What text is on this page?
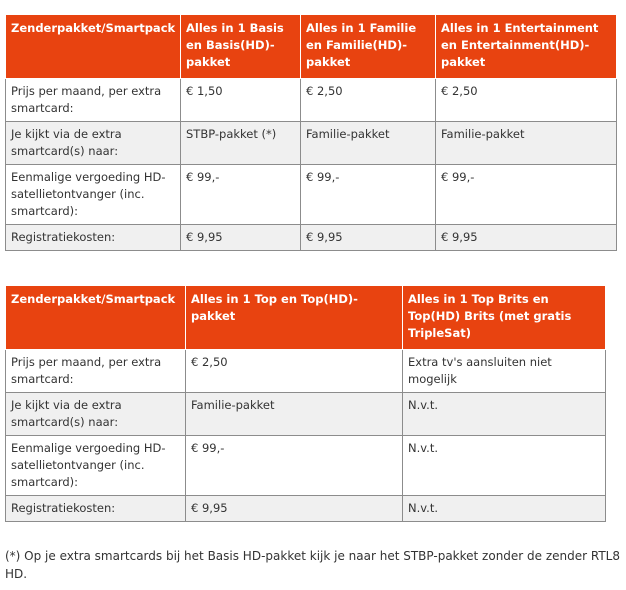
Zenderpakket/Smartpack	Alles in 1 Basis en Basis(HD)-pakket	Alles in 1 Familie en Familie(HD)-pakket	Alles in 1 Entertainment en Entertainment(HD)-pakket
Prijs per maand, per extra smartcard:	€ 1,50	€ 2,50	€ 2,50
Je kijkt via de extra smartcard(s) naar:	STBP-pakket (*)	Familie-pakket	Familie-pakket
Eenmalige vergoeding HD-satellietontvanger (inc. smartcard):	€ 99,-	€ 99,-	€ 99,-
Registratiekosten:	€ 9,95	€ 9,95	€ 9,95
Zenderpakket/Smartpack	Alles in 1 Top en Top(HD)-pakket	Alles in 1 Top Brits en Top(HD) Brits (met gratis TripleSat)
Prijs per maand, per extra smartcard:	€ 2,50	Extra tv's aansluiten niet mogelijk
Je kijkt via de extra smartcard(s) naar:	Familie-pakket	N.v.t.
Eenmalige vergoeding HD-satellietontvanger (inc. smartcard):	€ 99,-	N.v.t.
Registratiekosten:	€ 9,95	N.v.t.
(*) Op je extra smartcards bij het Basis HD-pakket kijk je naar het STBP-pakket zonder de zender RTL8 HD.
